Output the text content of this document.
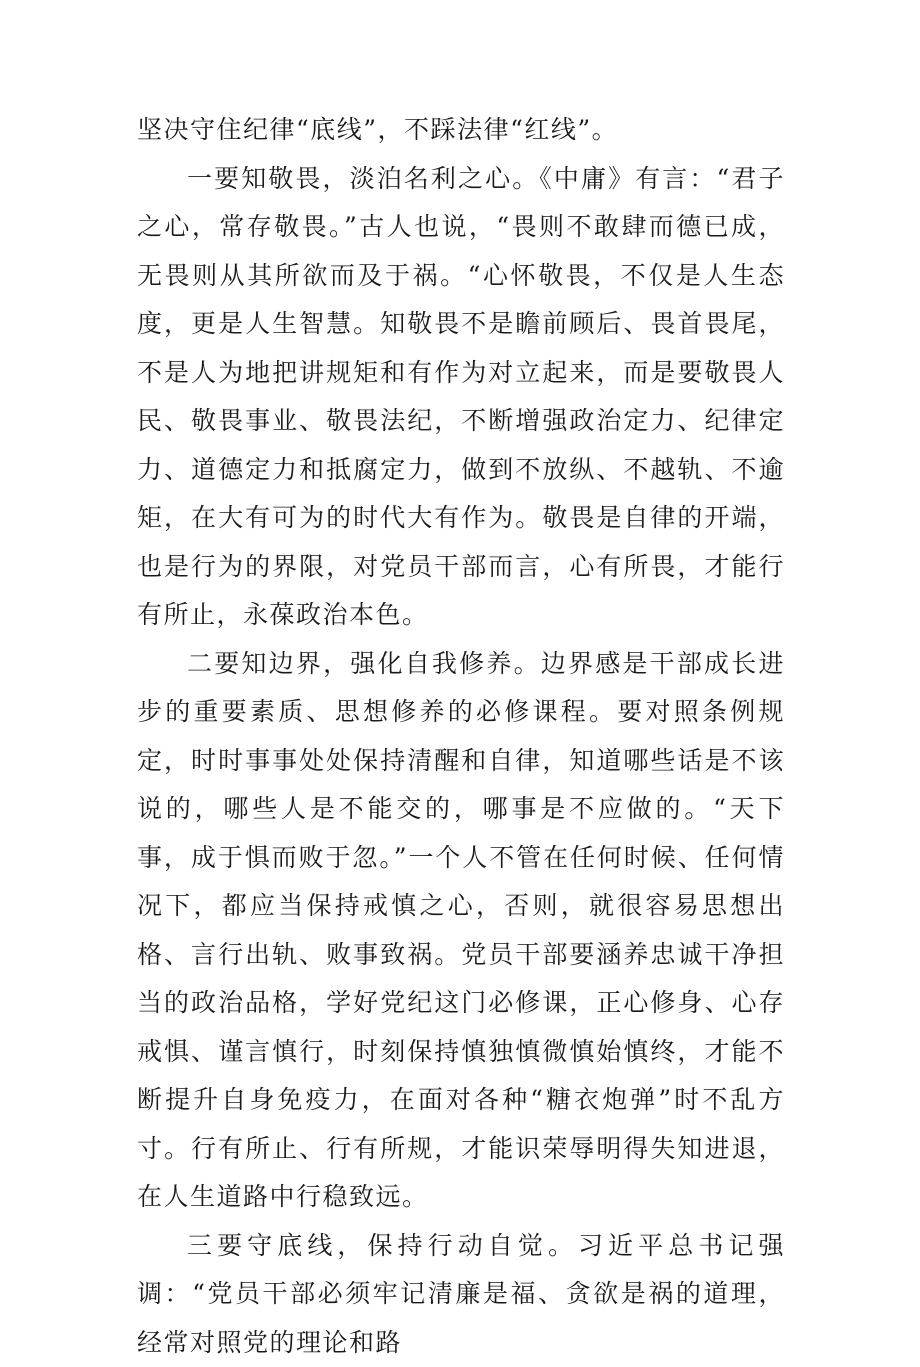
坚决守住纪律“底线”，不踩法律“红线”。

一要知敬畏，淡泊名利之心。《中庸》有言：“君子之心，常存敬畏。”古人也说，“畏则不敢肆而德已成，无畏则从其所欲而及于祸。“心怀敬畏，不仅是人生态度，更是人生智慧。知敬畏不是瞻前顾后、畏首畏尾，不是人为地把讲规矩和有作为对立起来，而是要敬畏人民、敬畏事业、敬畏法纪，不断增强政治定力、纪律定力、道德定力和抵腐定力，做到不放纵、不越轨、不逾矩，在大有可为的时代大有作为。敬畏是自律的开端，也是行为的界限，对党员干部而言，心有所畏，才能行有所止，永葆政治本色。

二要知边界，强化自我修养。边界感是干部成长进步的重要素质、思想修养的必修课程。要对照条例规定，时时事事处处保持清醒和自律，知道哪些话是不该说的，哪些人是不能交的，哪事是不应做的。“天下事，成于惧而败于忽。”一个人不管在任何时候、任何情况下，都应当保持戒慎之心，否则，就很容易思想出格、言行出轨、败事致祸。党员干部要涵养忠诚干净担当的政治品格，学好党纪这门必修课，正心修身、心存戒惧、谨言慎行，时刻保持慎独慎微慎始慎终，才能不断提升自身免疫力，在面对各种“糖衣炮弹”时不乱方寸。行有所止、行有所规，才能识荣辱明得失知进退，在人生道路中行稳致远。

三要守底线，保持行动自觉。习近平总书记强调：“党员干部必须牢记清廉是福、贪欲是祸的道理，经常对照党的理论和路
